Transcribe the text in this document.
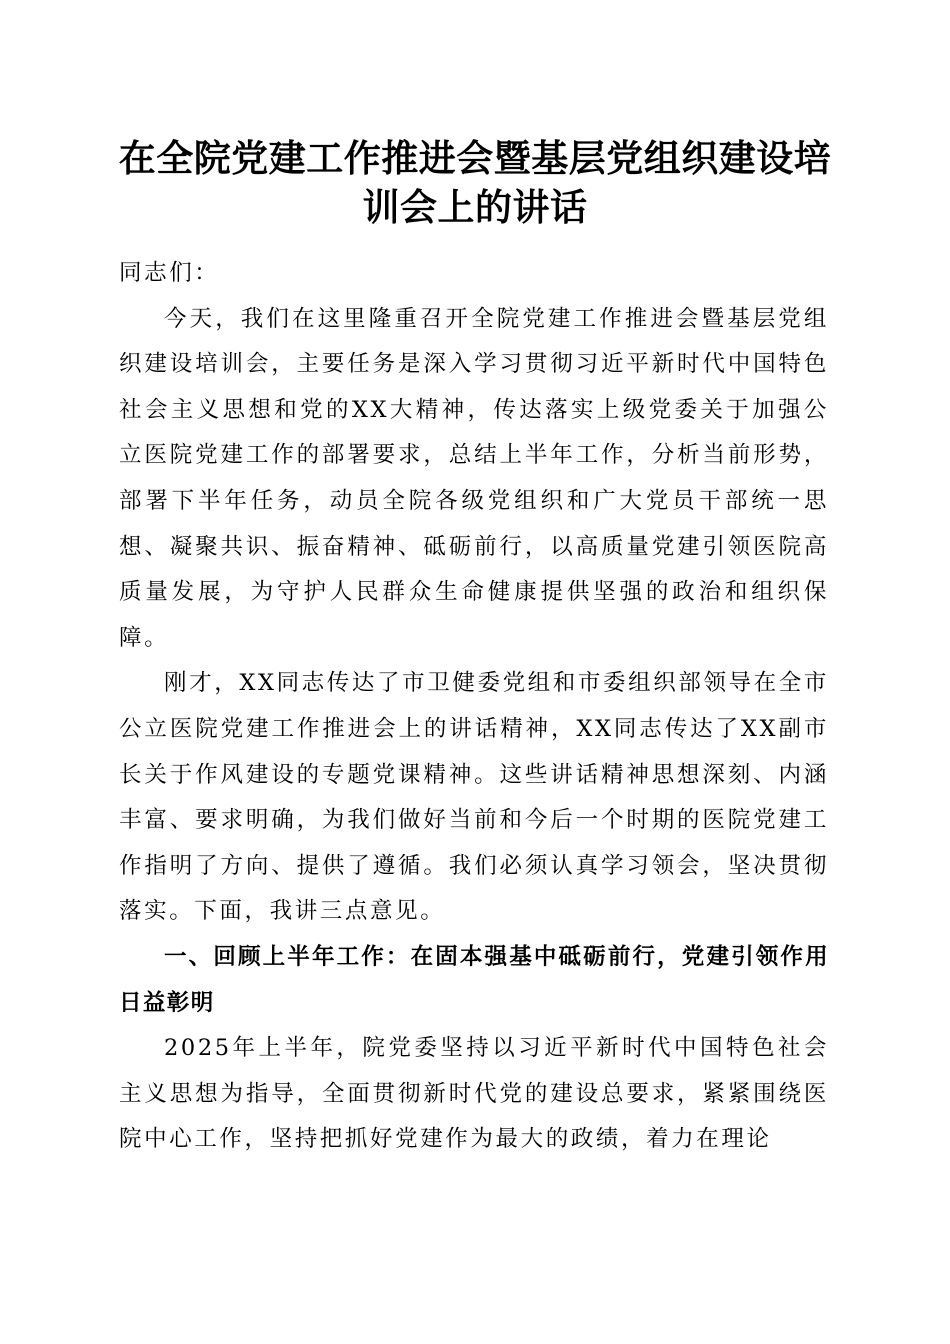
在全院党建工作推进会暨基层党组织建设培训会上的讲话

同志们：

今天，我们在这里隆重召开全院党建工作推进会暨基层党组织建设培训会，主要任务是深入学习贯彻习近平新时代中国特色社会主义思想和党的XX大精神，传达落实上级党委关于加强公立医院党建工作的部署要求，总结上半年工作，分析当前形势，部署下半年任务，动员全院各级党组织和广大党员干部统一思想、凝聚共识、振奋精神、砥砺前行，以高质量党建引领医院高质量发展，为守护人民群众生命健康提供坚强的政治和组织保障。

刚才，XX同志传达了市卫健委党组和市委组织部领导在全市公立医院党建工作推进会上的讲话精神，XX同志传达了XX副市长关于作风建设的专题党课精神。这些讲话精神思想深刻、内涵丰富、要求明确，为我们做好当前和今后一个时期的医院党建工作指明了方向、提供了遵循。我们必须认真学习领会，坚决贯彻落实。下面，我讲三点意见。

一、回顾上半年工作：在固本强基中砥砺前行，党建引领作用日益彰明

2025年上半年，院党委坚持以习近平新时代中国特色社会主义思想为指导，全面贯彻新时代党的建设总要求，紧紧围绕医院中心工作，坚持把抓好党建作为最大的政绩，着力在理论
